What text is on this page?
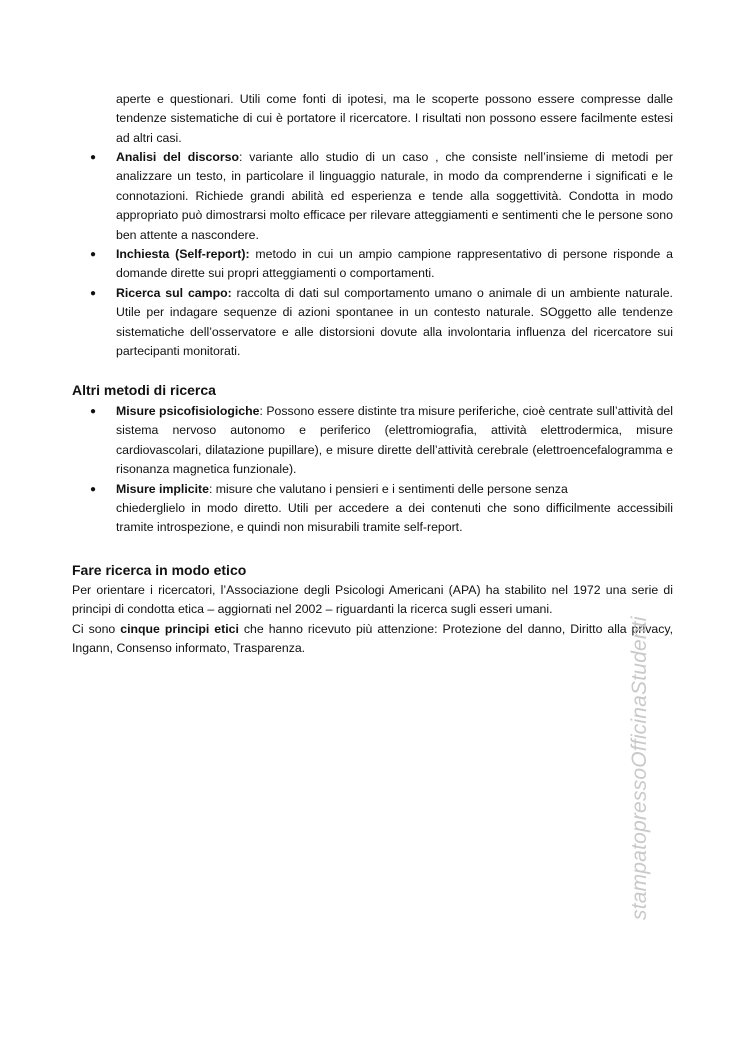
aperte e questionari. Utili come fonti di ipotesi, ma le scoperte possono essere compresse dalle tendenze sistematiche di cui è portatore il ricercatore. I risultati non possono essere facilmente estesi ad altri casi.
● Analisi del discorso: variante allo studio di un caso , che consiste nell’insieme di metodi per analizzare un testo, in particolare il linguaggio naturale, in modo da comprenderne i significati e le connotazioni. Richiede grandi abilità ed esperienza e tende alla soggettività. Condotta in modo appropriato può dimostrarsi molto efficace per rilevare atteggiamenti e sentimenti che le persone sono ben attente a nascondere.
● Inchiesta (Self-report): metodo in cui un ampio campione rappresentativo di persone risponde a domande dirette sui propri atteggiamenti o comportamenti.
● Ricerca sul campo: raccolta di dati sul comportamento umano o animale di un ambiente naturale. Utile per indagare sequenze di azioni spontanee in un contesto naturale. SOggetto alle tendenze sistematiche dell’osservatore e alle distorsioni dovute alla involontaria influenza del ricercatore sui partecipanti monitorati.
Altri metodi di ricerca
● Misure psicofisiologiche: Possono essere distinte tra misure periferiche, cioè centrate sull’attività del sistema nervoso autonomo e periferico (elettromiografia, attività elettrodermica, misure cardiovascolari, dilatazione pupillare), e misure dirette dell’attività cerebrale (elettroencefalogramma e risonanza magnetica funzionale).
● Misure implicite: misure che valutano i pensieri e i sentimenti delle persone senza
chiederglielo in modo diretto. Utili per accedere a dei contenuti che sono difficilmente accessibili tramite introspezione, e quindi non misurabili tramite self-report.
Fare ricerca in modo etico

Per orientare i ricercatori, l’Associazione degli Psicologi Americani (APA) ha stabilito nel 1972 una serie di principi di condotta etica – aggiornati nel 2002 – riguardanti la ricerca sugli esseri umani.

Ci sono cinque principi etici che hanno ricevuto più attenzione: Protezione del danno, Diritto alla privacy, Ingann, Consenso informato, Trasparenza.	stampatopressoOfficinaStudenti
